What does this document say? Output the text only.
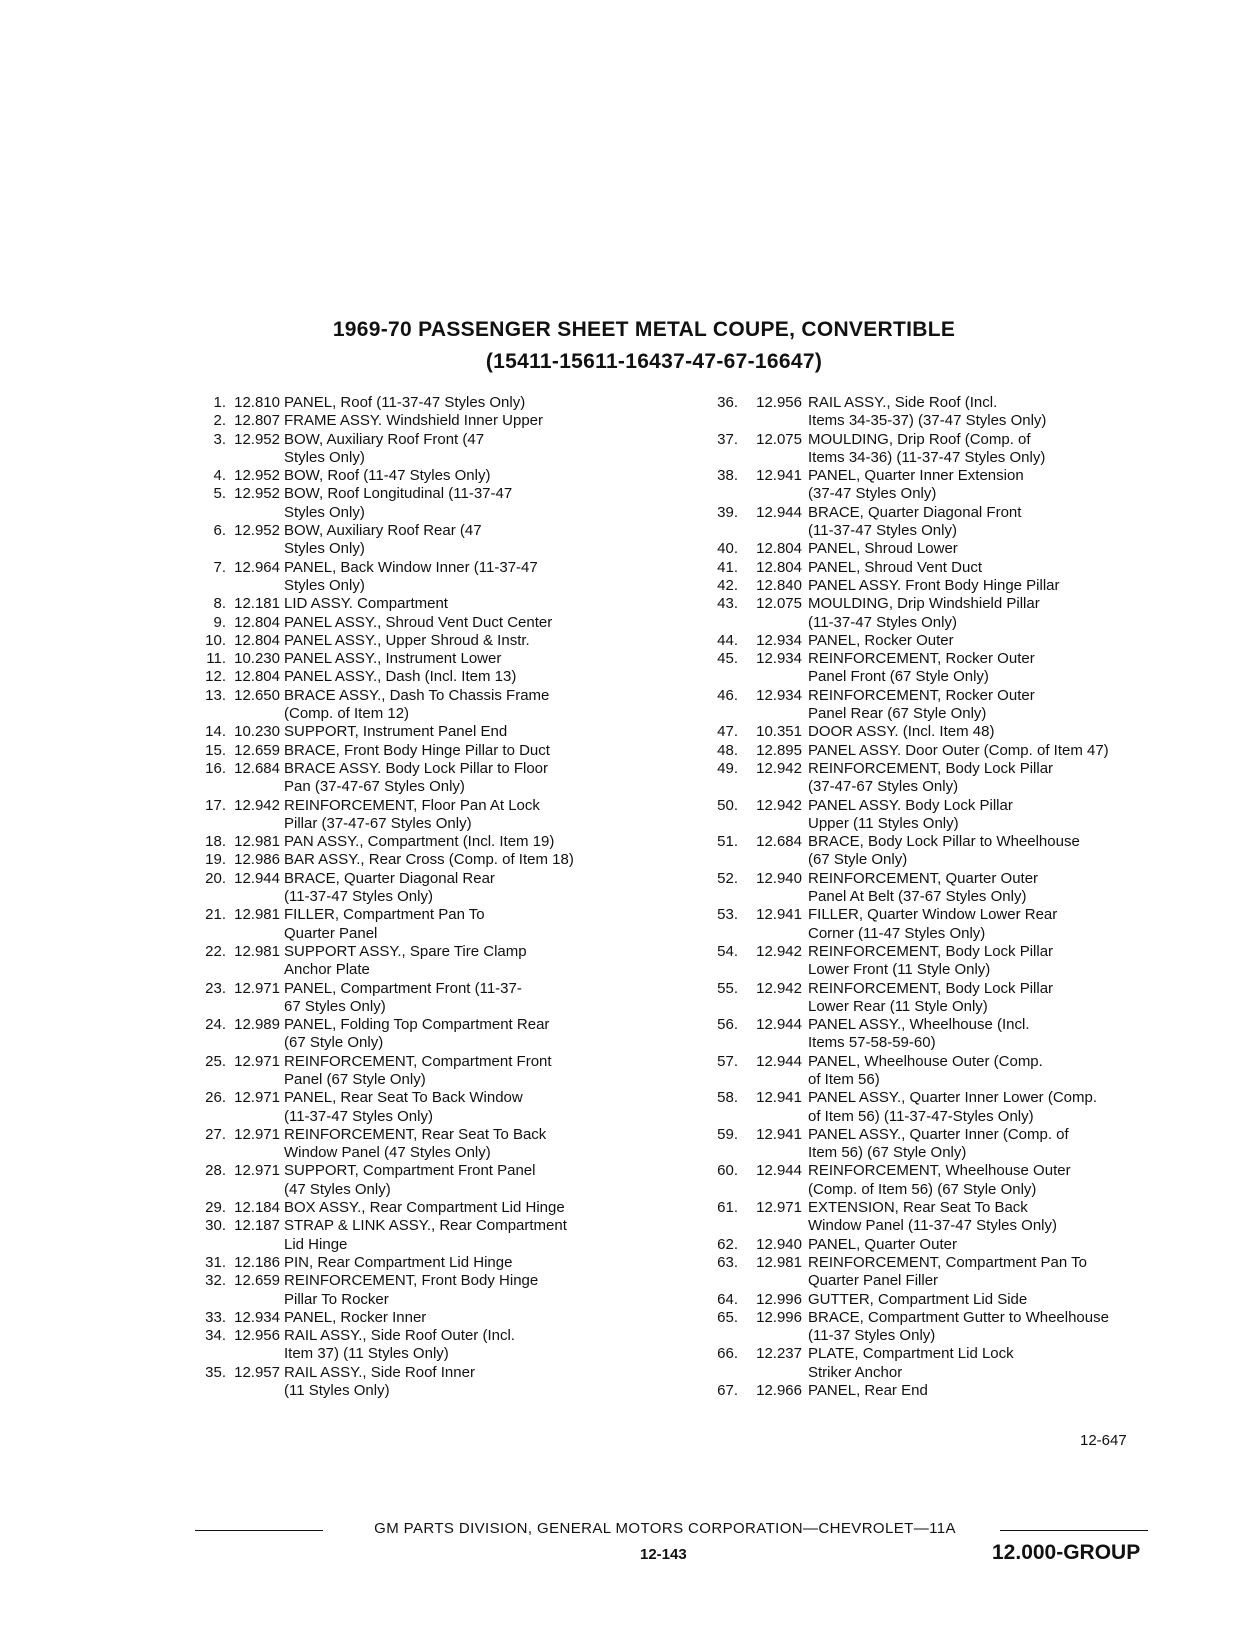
1969-70 PASSENGER SHEET METAL COUPE, CONVERTIBLE
(15411-15611-16437-47-67-16647)
1. 12.810 PANEL, Roof (11-37-47 Styles Only)
2. 12.807 FRAME ASSY. Windshield Inner Upper
3. 12.952 BOW, Auxiliary Roof Front (47
Styles Only)
4. 12.952 BOW, Roof (11-47 Styles Only)
5. 12.952 BOW, Roof Longitudinal (11-37-47
Styles Only)
6. 12.952 BOW, Auxiliary Roof Rear (47
Styles Only)
7. 12.964 PANEL, Back Window Inner (11-37-47
Styles Only)
8. 12.181 LID ASSY. Compartment
9. 12.804 PANEL ASSY., Shroud Vent Duct Center
10. 12.804 PANEL ASSY., Upper Shroud & Instr.
11. 10.230 PANEL ASSY., Instrument Lower
12. 12.804 PANEL ASSY., Dash (Incl. Item 13)
13. 12.650 BRACE ASSY., Dash To Chassis Frame
(Comp. of Item 12)
14. 10.230 SUPPORT, Instrument Panel End
15. 12.659 BRACE, Front Body Hinge Pillar to Duct
16. 12.684 BRACE ASSY. Body Lock Pillar to Floor
Pan (37-47-67 Styles Only)
17. 12.942 REINFORCEMENT, Floor Pan At Lock
Pillar (37-47-67 Styles Only)
18. 12.981 PAN ASSY., Compartment (Incl. Item 19)
19. 12.986 BAR ASSY., Rear Cross (Comp. of Item 18)
20. 12.944 BRACE, Quarter Diagonal Rear
(11-37-47 Styles Only)
21. 12.981 FILLER, Compartment Pan To
Quarter Panel
22. 12.981 SUPPORT ASSY., Spare Tire Clamp
Anchor Plate
23. 12.971 PANEL, Compartment Front (11-37-
67 Styles Only)
24. 12.989 PANEL, Folding Top Compartment Rear
(67 Style Only)
25. 12.971 REINFORCEMENT, Compartment Front
Panel (67 Style Only)
26. 12.971 PANEL, Rear Seat To Back Window
(11-37-47 Styles Only)
27. 12.971 REINFORCEMENT, Rear Seat To Back
Window Panel (47 Styles Only)
28. 12.971 SUPPORT, Compartment Front Panel
(47 Styles Only)
29. 12.184 BOX ASSY., Rear Compartment Lid Hinge
30. 12.187 STRAP & LINK ASSY., Rear Compartment
Lid Hinge
31. 12.186 PIN, Rear Compartment Lid Hinge
32. 12.659 REINFORCEMENT, Front Body Hinge
Pillar To Rocker
33. 12.934 PANEL, Rocker Inner
34. 12.956 RAIL ASSY., Side Roof Outer (Incl.
Item 37) (11 Styles Only)
35. 12.957 RAIL ASSY., Side Roof Inner
(11 Styles Only)
36.	12.956 RAIL ASSY., Side Roof (Incl.
Items 34-35-37) (37-47 Styles Only)
37.	12.075 MOULDING, Drip Roof (Comp. of
Items 34-36) (11-37-47 Styles Only)
38.	12.941 PANEL, Quarter Inner Extension
(37-47 Styles Only)
39.	12.944 BRACE, Quarter Diagonal Front
(11-37-47 Styles Only)
40.	12.804 PANEL, Shroud Lower
41.	12.804 PANEL, Shroud Vent Duct
42.	12.840 PANEL ASSY. Front Body Hinge Pillar
43.	12.075 MOULDING, Drip Windshield Pillar
(11-37-47 Styles Only)
44.	12.934 PANEL, Rocker Outer
45.	12.934 REINFORCEMENT, Rocker Outer
Panel Front (67 Style Only)
46.	12.934 REINFORCEMENT, Rocker Outer
Panel Rear (67 Style Only)
47.	10.351 DOOR ASSY. (Incl. Item 48)
48.	12.895 PANEL ASSY. Door Outer (Comp. of Item 47)
49.	12.942 REINFORCEMENT, Body Lock Pillar
(37-47-67 Styles Only)
50.	12.942 PANEL ASSY. Body Lock Pillar
Upper (11 Styles Only)
51.	12.684 BRACE, Body Lock Pillar to Wheelhouse
(67 Style Only)
52.	12.940 REINFORCEMENT, Quarter Outer
Panel At Belt (37-67 Styles Only)
53.	12.941 FILLER, Quarter Window Lower Rear
Corner (11-47 Styles Only)
54.	12.942 REINFORCEMENT, Body Lock Pillar
Lower Front (11 Style Only)
55.	12.942 REINFORCEMENT, Body Lock Pillar
Lower Rear (11 Style Only)
56.	12.944 PANEL ASSY., Wheelhouse (Incl.
Items 57-58-59-60)
57.	12.944 PANEL, Wheelhouse Outer (Comp.
of Item 56)
58.	12.941 PANEL ASSY., Quarter Inner Lower (Comp.
of Item 56) (11-37-47-Styles Only)
59.	12.941 PANEL ASSY., Quarter Inner (Comp. of
Item 56) (67 Style Only)
60.	12.944 REINFORCEMENT, Wheelhouse Outer
(Comp. of Item 56) (67 Style Only)
61.	12.971 EXTENSION, Rear Seat To Back
Window Panel (11-37-47 Styles Only)
62.	12.940 PANEL, Quarter Outer
63.	12.981 REINFORCEMENT, Compartment Pan To
Quarter Panel Filler
64.	12.996 GUTTER, Compartment Lid Side
65.	12.996 BRACE, Compartment Gutter to Wheelhouse
(11-37 Styles Only)
66.	12.237 PLATE, Compartment Lid Lock
Striker Anchor
67.	12.966 PANEL, Rear End
12-647
GM PARTS DIVISION, GENERAL MOTORS CORPORATION—CHEVROLET—11A
12-143	12.000-GROUP
